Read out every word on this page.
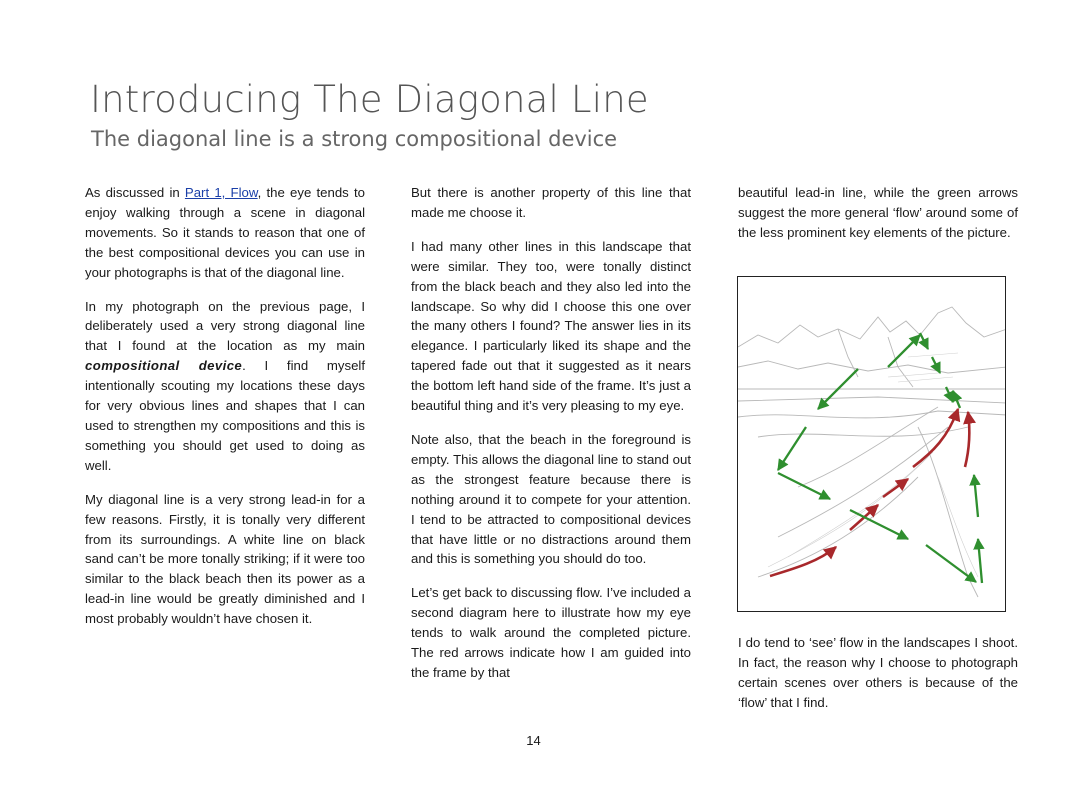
Introducing The Diagonal Line
The diagonal line is a strong compositional device

As discussed in Part 1, Flow, the eye tends to enjoy walking through a scene in diagonal movements. So it stands to reason that one of the best compositional devices you can use in your photographs is that of the diagonal line.

In my photograph on the previous page, I deliberately used a very strong diagonal line that I found at the location as my main compositional device. I find myself intentionally scouting my locations these days for very obvious lines and shapes that I can used to strengthen my compositions and this is something you should get used to doing as well.

My diagonal line is a very strong lead-in for a few reasons. Firstly, it is tonally very different from its surroundings. A white line on black sand can’t be more tonally striking; if it were too similar to the black beach then its power as a lead-in line would be greatly diminished and I most probably wouldn’t have chosen it.

But there is another property of this line that made me choose it.

I had many other lines in this landscape that were similar. They too, were tonally distinct from the black beach and they also led into the landscape. So why did I choose this one over the many others I found? The answer lies in its elegance. I particularly liked its shape and the tapered fade out that it suggested as it nears the bottom left hand side of the frame. It’s just a beautiful thing and it’s very pleasing to my eye.

Note also, that the beach in the foreground is empty. This allows the diagonal line to stand out as the strongest feature because there is nothing around it to compete for your attention. I tend to be attracted to compositional devices that have little or no distractions around them and this is something you should do too.

Let’s get back to discussing flow. I’ve included a second diagram here to illustrate how my eye tends to walk around the completed picture. The red arrows indicate how I am guided into the frame by that

beautiful lead-in line, while the green arrows suggest the more general ‘flow’ around some of the less prominent key elements of the picture.

I do tend to ‘see’ flow in the landscapes I shoot. In fact, the reason why I choose to photograph certain scenes over others is because of the ‘flow’ that I find.

14
